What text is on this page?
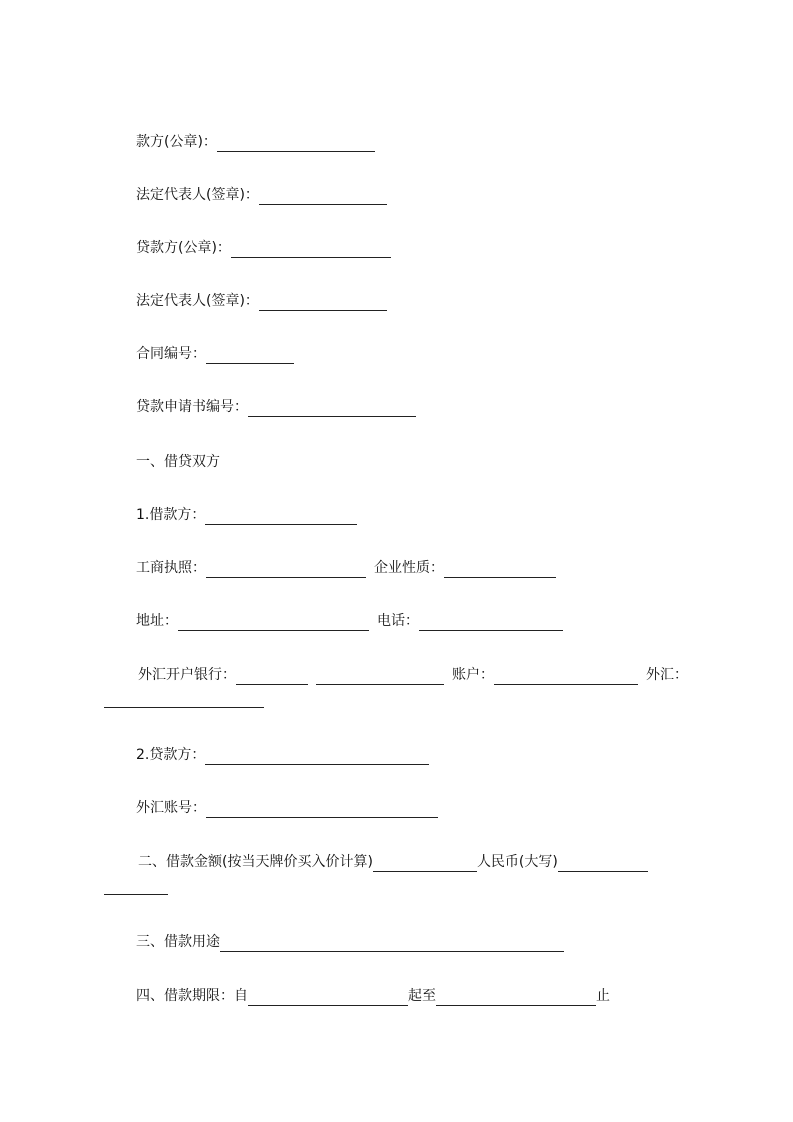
款方(公章)：
法定代表人(签章)：
贷款方(公章)：
法定代表人(签章)：
合同编号：
贷款申请书编号：
一、借贷双方
1.借款方：
工商执照：	企业性质：
地址：	电话：
外汇开户银行：	账户：	外汇：
2.贷款方：
外汇账号：
二、借款金额(按当天牌价买入价计算)	人民币(大写)
三、借款用途
四、借款期限：自	起至	止
